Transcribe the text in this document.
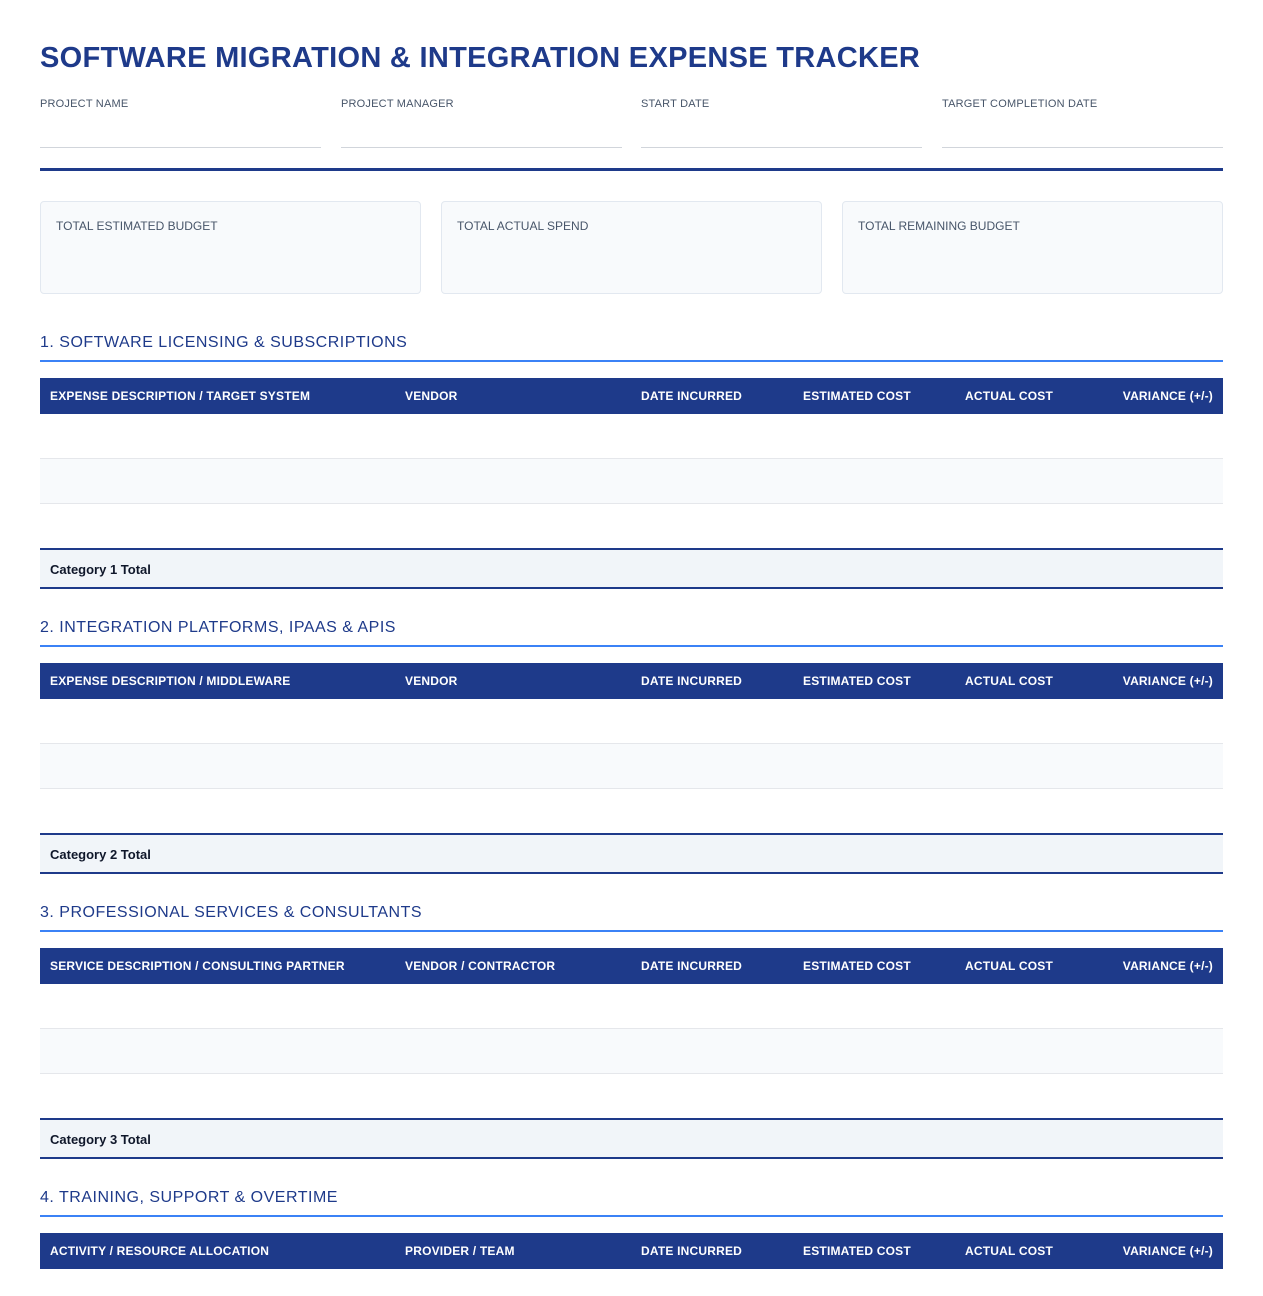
SOFTWARE MIGRATION & INTEGRATION EXPENSE TRACKER
PROJECT NAME	PROJECT MANAGER	START DATE	TARGET COMPLETION DATE
TOTAL ESTIMATED BUDGET	TOTAL ACTUAL SPEND	TOTAL REMAINING BUDGET
1. SOFTWARE LICENSING & SUBSCRIPTIONS
EXPENSE DESCRIPTION / TARGET SYSTEM	VENDOR	DATE INCURRED	ESTIMATED COST	ACTUAL COST	VARIANCE (+/-)
Category 1 Total
2. INTEGRATION PLATFORMS, IPAAS & APIS
EXPENSE DESCRIPTION / MIDDLEWARE	VENDOR	DATE INCURRED	ESTIMATED COST	ACTUAL COST	VARIANCE (+/-)
Category 2 Total
3. PROFESSIONAL SERVICES & CONSULTANTS
SERVICE DESCRIPTION / CONSULTING PARTNER	VENDOR / CONTRACTOR	DATE INCURRED	ESTIMATED COST	ACTUAL COST	VARIANCE (+/-)
Category 3 Total
4. TRAINING, SUPPORT & OVERTIME
ACTIVITY / RESOURCE ALLOCATION	PROVIDER / TEAM	DATE INCURRED	ESTIMATED COST	ACTUAL COST	VARIANCE (+/-)
